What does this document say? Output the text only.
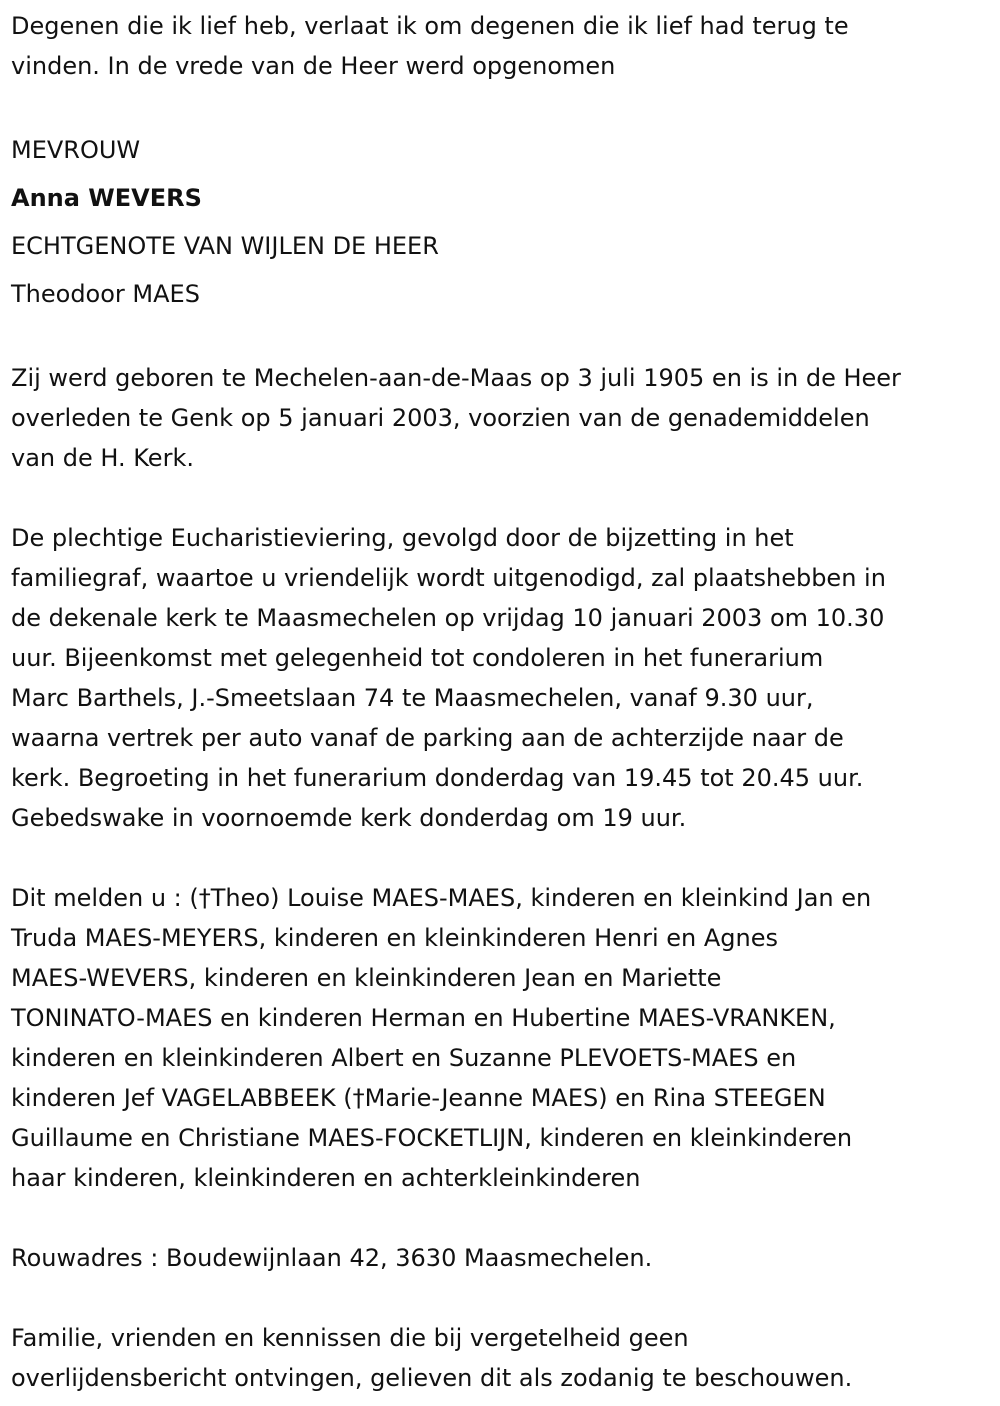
Degenen die ik lief heb, verlaat ik om degenen die ik lief had terug te
vinden. In de vrede van de Heer werd opgenomen
MEVROUW
Anna WEVERS
ECHTGENOTE VAN WIJLEN DE HEER
Theodoor MAES
Zij werd geboren te Mechelen-aan-de-Maas op 3 juli 1905 en is in de Heer
overleden te Genk op 5 januari 2003, voorzien van de genademiddelen
van de H. Kerk.
De plechtige Eucharistieviering, gevolgd door de bijzetting in het
familiegraf, waartoe u vriendelijk wordt uitgenodigd, zal plaatshebben in
de dekenale kerk te Maasmechelen op vrijdag 10 januari 2003 om 10.30
uur. Bijeenkomst met gelegenheid tot condoleren in het funerarium
Marc Barthels, J.-Smeetslaan 74 te Maasmechelen, vanaf 9.30 uur,
waarna vertrek per auto vanaf de parking aan de achterzijde naar de
kerk. Begroeting in het funerarium donderdag van 19.45 tot 20.45 uur.
Gebedswake in voornoemde kerk donderdag om 19 uur.
Dit melden u : (†Theo) Louise MAES-MAES, kinderen en kleinkind Jan en
Truda MAES-MEYERS, kinderen en kleinkinderen Henri en Agnes
MAES-WEVERS, kinderen en kleinkinderen Jean en Mariette
TONINATO-MAES en kinderen Herman en Hubertine MAES-VRANKEN,
kinderen en kleinkinderen Albert en Suzanne PLEVOETS-MAES en
kinderen Jef VAGELABBEEK (†Marie-Jeanne MAES) en Rina STEEGEN
Guillaume en Christiane MAES-FOCKETLIJN, kinderen en kleinkinderen
haar kinderen, kleinkinderen en achterkleinkinderen
Rouwadres : Boudewijnlaan 42, 3630 Maasmechelen.
Familie, vrienden en kennissen die bij vergetelheid geen
overlijdensbericht ontvingen, gelieven dit als zodanig te beschouwen.
